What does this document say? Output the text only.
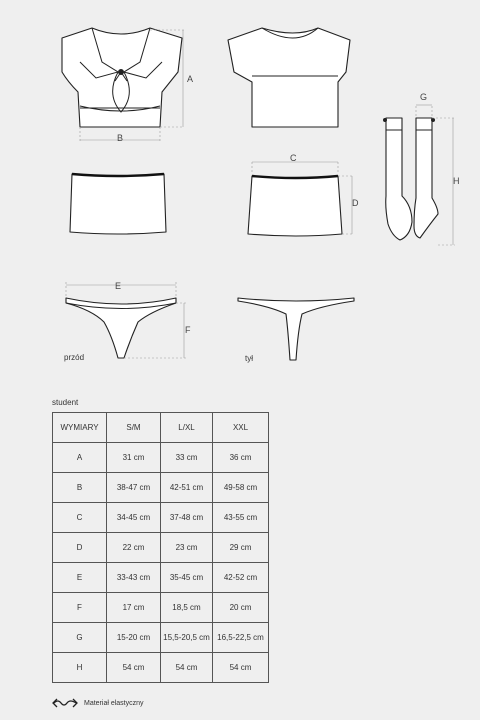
A
B
C
D
G
H
E
F
przód	tył
student
WYMIARY	S/M	L/XL	XXL
A	31 cm	33 cm	36 cm
B	38-47 cm	42-51 cm	49-58 cm
C	34-45 cm	37-48 cm	43-55 cm
D	22 cm	23 cm	29 cm
E	33-43 cm	35-45 cm	42-52 cm
F	17 cm	18,5 cm	20 cm
G	15-20 cm	15,5-20,5 cm	16,5-22,5 cm
H	54 cm	54 cm	54 cm
Materiał elastyczny
